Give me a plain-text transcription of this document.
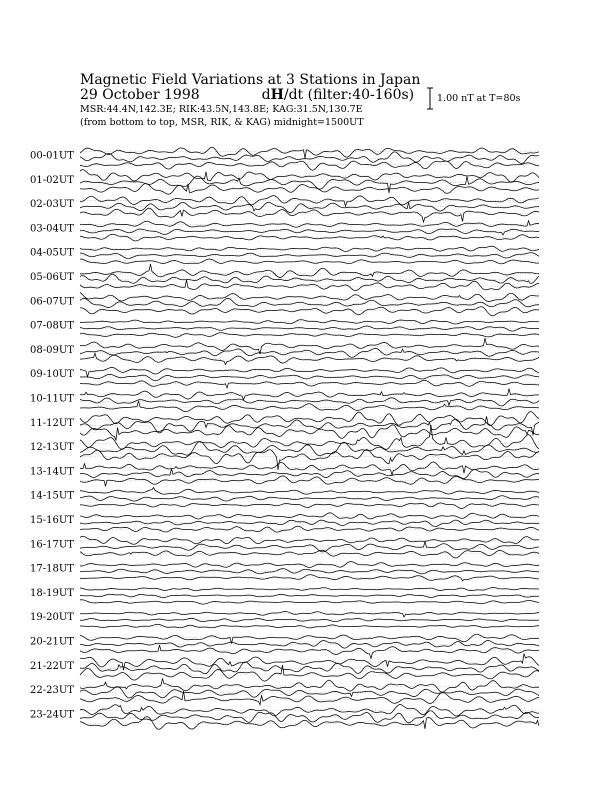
Magnetic Field Variations at 3 Stations in Japan
29 October 1998	dH/dt (filter:40-160s)
MSR:44.4N,142.3E; RIK:43.5N,143.8E; KAG:31.5N,130.7E
(from bottom to top, MSR, RIK, & KAG) midnight=1500UT
1.00 nT at T=80s
00-01UT
01-02UT
02-03UT
03-04UT
04-05UT
05-06UT
06-07UT
07-08UT
08-09UT
09-10UT
10-11UT
11-12UT
12-13UT
13-14UT
14-15UT
15-16UT
16-17UT
17-18UT
18-19UT
19-20UT
20-21UT
21-22UT
22-23UT
23-24UT
